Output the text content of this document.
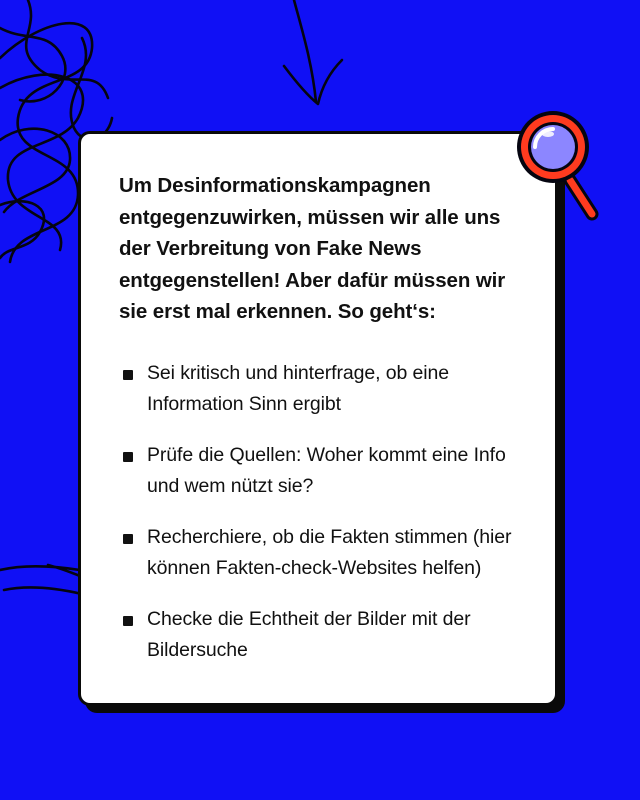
Um Desinformationskampagnen entgegenzuwirken, müssen wir alle uns der Verbreitung von Fake News entgegenstellen! Aber dafür müssen wir sie erst mal erkennen. So geht‘s:

Sei kritisch und hinterfrage, ob eine Information Sinn ergibt
Prüfe die Quellen: Woher kommt eine Info und wem nützt sie?
Recherchiere, ob die Fakten stimmen (hier können Fakten-check-Websites helfen)
Checke die Echtheit der Bilder mit der Bildersuche
